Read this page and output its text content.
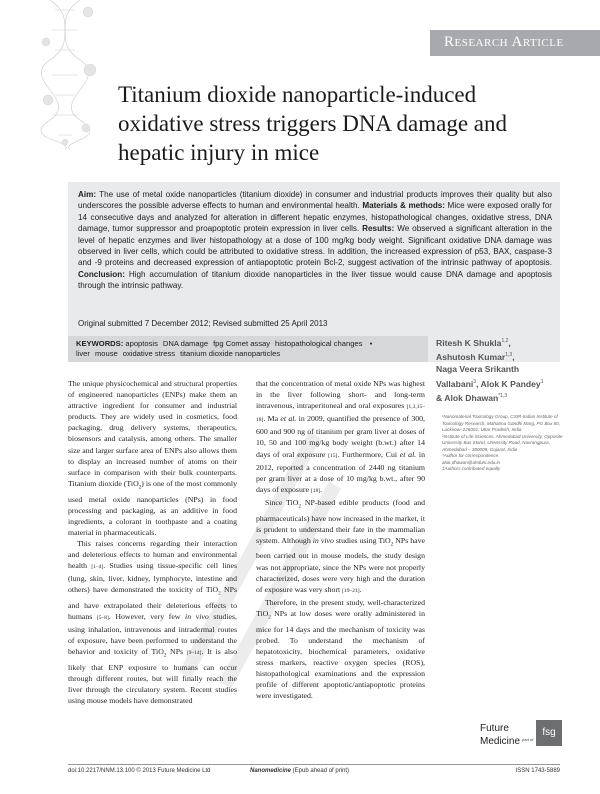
Research Article
Titanium dioxide nanoparticle-induced oxidative stress triggers DNA damage and hepatic injury in mice

Aim: The use of metal oxide nanoparticles (titanium dioxide) in consumer and industrial products improves their quality but also underscores the possible adverse effects to human and environmental health. Materials & methods: Mice were exposed orally for 14 consecutive days and analyzed for alteration in different hepatic enzymes, histopathological changes, oxidative stress, DNA damage, tumor suppressor and proapoptotic protein expression in liver cells. Results: We observed a significant alteration in the level of hepatic enzymes and liver histopathology at a dose of 100 mg/kg body weight. Significant oxidative DNA damage was observed in liver cells, which could be attributed to oxidative stress. In addition, the increased expression of p53, BAX, caspase-3 and -9 proteins and decreased expression of antiapoptotic protein Bcl-2, suggest activation of the intrinsic pathway of apoptosis. Conclusion: High accumulation of titanium dioxide nanoparticles in the liver tissue would cause DNA damage and apoptosis through the intrinsic pathway.

Original submitted 7 December 2012; Revised submitted 25 April 2013

KEYWORDS: apoptosis DNA damage fpg Comet assay histopathological changes • liver mouse oxidative stress titanium dioxide nanoparticles

Ritesh K Shukla$^{1,2}$,
Ashutosh Kumar$^{1,3}$,
Naga Veera Srikanth Vallabani$^3$, Alok K Pandey$^1$
& Alok Dhawan$^{*1,3}$

¹Nanomaterial Toxicology Group, CSIR-Indian Institute of Toxicology Research, Mahatma Gandhi Marg, PO Box 80, Lucknow–226001, Uttar Pradesh, India

²Institute of Life Sciences, Ahmedabad University, Opposite University Bus Stand, University Road, Navrangpura, Ahmedabad – 380009, Gujarat, India

*Author for correspondence:

alok.dhawan@ahduni.edu.in

‡Authors contributed equally

The unique physicochemical and structural properties of engineered nanoparticles (ENPs) make them an attractive ingredient for consumer and industrial products. They are widely used in cosmetics, food packaging, drug delivery systems, therapeutics, biosensors and catalysis, among others. The smaller size and larger surface area of ENPs also allows them to display an increased number of atoms on their surface in comparison with their bulk counterparts. Titanium dioxide (TiO$_2$) is one of the most commonly used metal oxide nanoparticles (NPs) in food processing and packaging, as an additive in food ingredients, a colorant in toothpaste and a coating material in pharmaceuticals.

This raises concerns regarding their interaction and deleterious effects to human and environmental health [1–4]. Studies using tissue-specific cell lines (lung, skin, liver, kidney, lymphocyte, intestine and others) have demonstrated the toxicity of TiO$_2$ NPs and have extrapolated their deleterious effects to humans [5–8]. However, very few in vivo studies, using inhalation, intravenous and intradermal routes of exposure, have been performed to understand the behavior and toxicity of TiO$_2$ NPs [9–14]. It is also likely that ENP exposure to humans can occur through different routes, but will finally reach the liver through the circulatory system. Recent studies using mouse models have demonstrated

that the concentration of metal oxide NPs was highest in the liver following short- and long-term intravenous, intraperitoneal and oral exposures [1,3,15–18]. Ma et al. in 2009, quantified the presence of 300, 600 and 900 ng of titanium per gram liver at doses of 10, 50 and 100 mg/kg body weight (b.wt.) after 14 days of oral exposure [15]. Furthermore, Cui et al. in 2012, reported a concentration of 2440 ng titanium per gram liver at a dose of 10 mg/kg b.wt., after 90 days of exposure [18].

Since TiO$_2$ NP-based edible products (food and pharmaceuticals) have now increased in the market, it is prudent to understand their fate in the mammalian system. Although in vivo studies using TiO$_2$ NPs have been carried out in mouse models, the study design was not appropriate, since the NPs were not properly characterized, doses were very high and the duration of exposure was very short [19–21].

Therefore, in the present study, well-characterized TiO$_2$ NPs at low doses were orally administered in mice for 14 days and the mechanism of toxicity was probed. To understand the mechanism of hepatotoxicity, biochemical parameters, oxidative stress markers, reactive oxygen species (ROS), histopathological examinations and the expression profile of different apoptotic/antiapoptotic proteins were investigated.

Future
Medicine part of
fsg
doi:10.2217/NNM.13.100 © 2013 Future Medicine Ltd	Nanomedicine (Epub ahead of print)	ISSN 1743-5889
